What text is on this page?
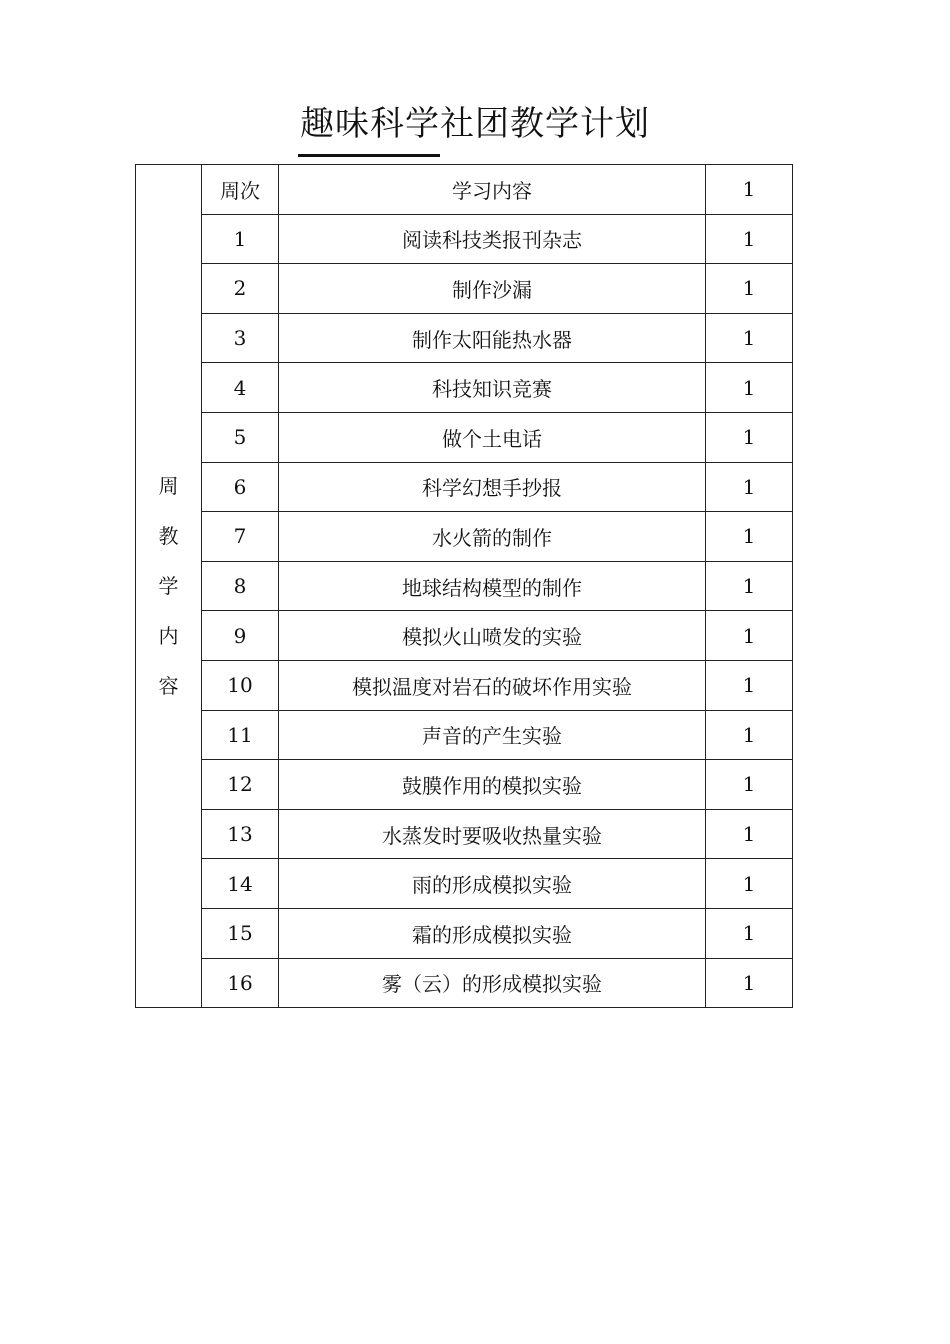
趣味科学社团教学计划
周教学内容	周次	学习内容	1
	1	阅读科技类报刊杂志	1
	2	制作沙漏	1
	3	制作太阳能热水器	1
	4	科技知识竞赛	1
	5	做个土电话	1
	6	科学幻想手抄报	1
	7	水火箭的制作	1
	8	地球结构模型的制作	1
	9	模拟火山喷发的实验	1
	10	模拟温度对岩石的破坏作用实验	1
	11	声音的产生实验	1
	12	鼓膜作用的模拟实验	1
	13	水蒸发时要吸收热量实验	1
	14	雨的形成模拟实验	1
	15	霜的形成模拟实验	1
	16	雾（云）的形成模拟实验	1
